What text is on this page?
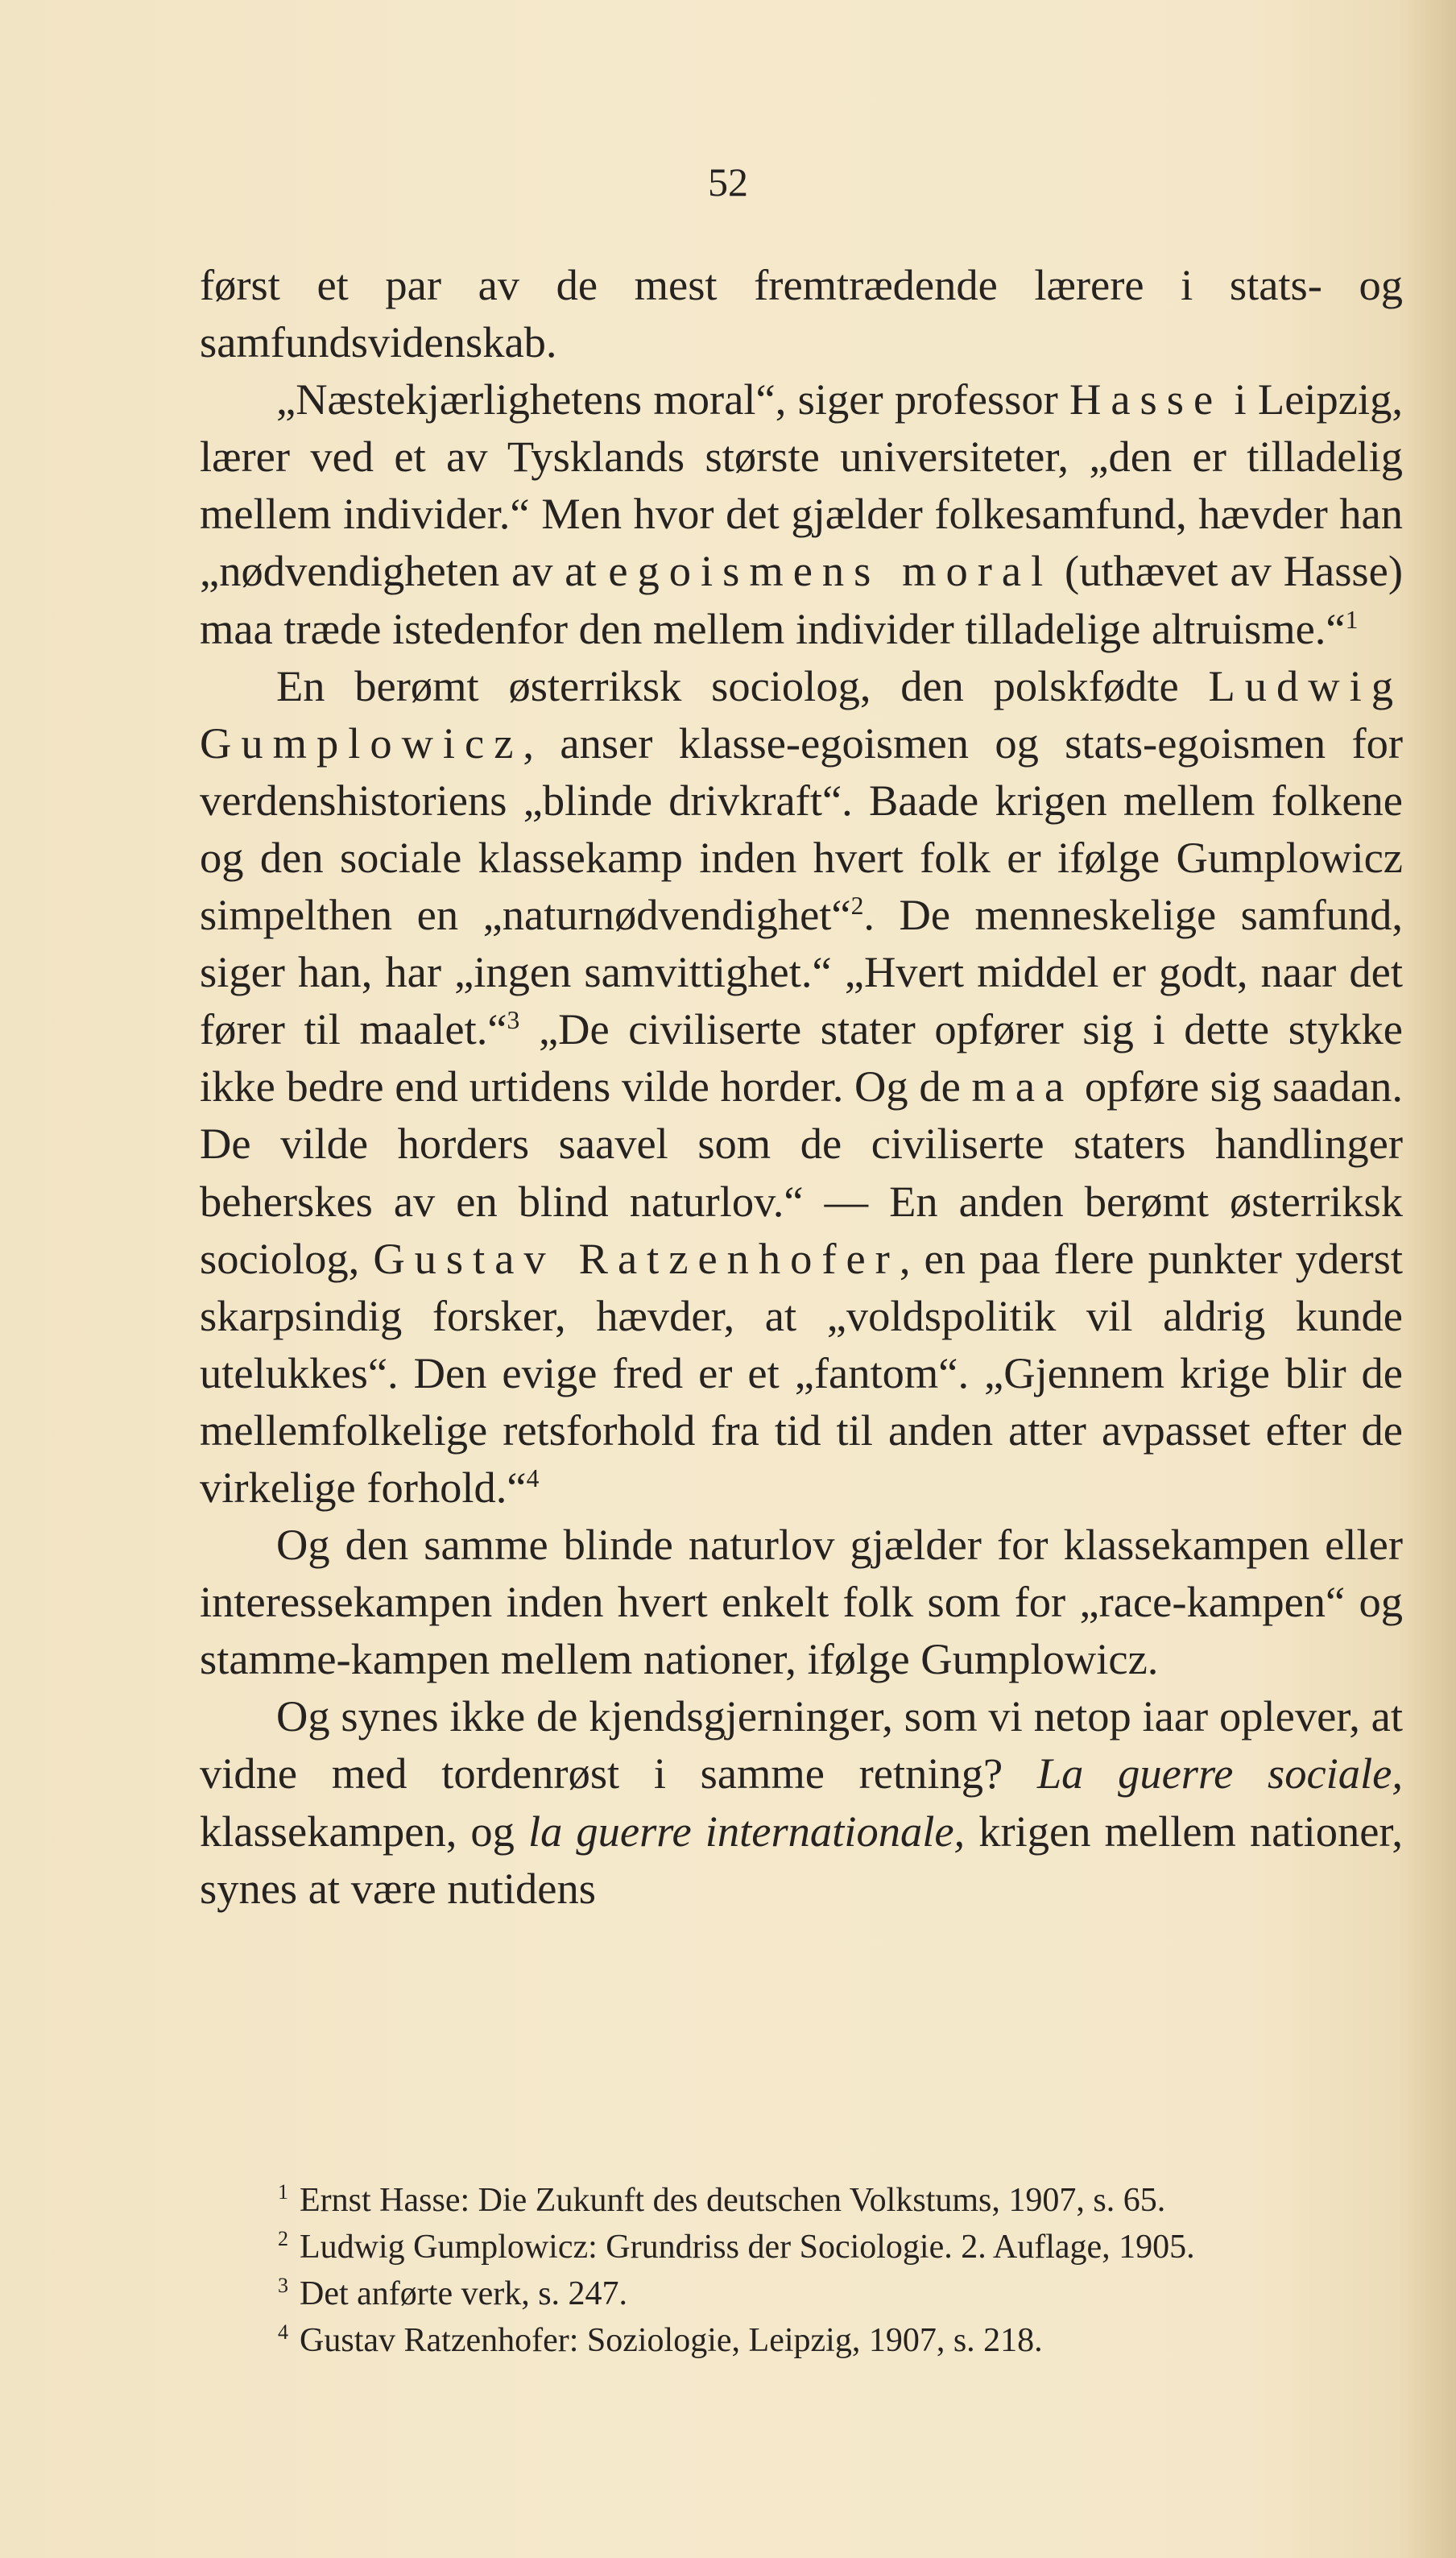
52

først et par av de mest fremtrædende lærere i stats- og samfundsvidenskab.

„Næstekjærlighetens moral“, siger professor Hasse i Leipzig, lærer ved et av Tysklands største universiteter, „den er tilladelig mellem individer.“ Men hvor det gjælder folkesamfund, hævder han „nødvendigheten av at egoismens moral (uthævet av Hasse) maa træde istedenfor den mellem individer tilladelige altruisme.“$^1$

En berømt østerriksk sociolog, den polskfødte Ludwig Gumplowicz, anser klasse-egoismen og stats-egoismen for verdenshistoriens „blinde drivkraft“. Baade krigen mellem folkene og den sociale klassekamp inden hvert folk er ifølge Gumplowicz simpelthen en „naturnødvendighet“$^2$. De menneskelige samfund, siger han, har „ingen samvittighet.“ „Hvert middel er godt, naar det fører til maalet.“$^3$ „De civiliserte stater opfører sig i dette stykke ikke bedre end urtidens vilde horder. Og de maa opføre sig saadan. De vilde horders saavel som de civiliserte staters handlinger beherskes av en blind naturlov.“ — En anden berømt østerriksk sociolog, Gustav Ratzenhofer, en paa flere punkter yderst skarpsindig forsker, hævder, at „voldspolitik vil aldrig kunde utelukkes“. Den evige fred er et „fantom“. „Gjennem krige blir de mellemfolkelige retsforhold fra tid til anden atter avpasset efter de virkelige forhold.“$^4$

Og den samme blinde naturlov gjælder for klassekampen eller interessekampen inden hvert enkelt folk som for „race-kampen“ og stamme-kampen mellem nationer, ifølge Gumplowicz.

Og synes ikke de kjendsgjerninger, som vi netop iaar oplever, at vidne med tordenrøst i samme retning? La guerre sociale, klassekampen, og la guerre internationale, krigen mellem nationer, synes at være nutidens

$^1$ Ernst Hasse: Die Zukunft des deutschen Volkstums, 1907, s. 65.
$^2$ Ludwig Gumplowicz: Grundriss der Sociologie. 2. Auflage, 1905.
$^3$ Det anførte verk, s. 247.
$^4$ Gustav Ratzenhofer: Soziologie, Leipzig, 1907, s. 218.
